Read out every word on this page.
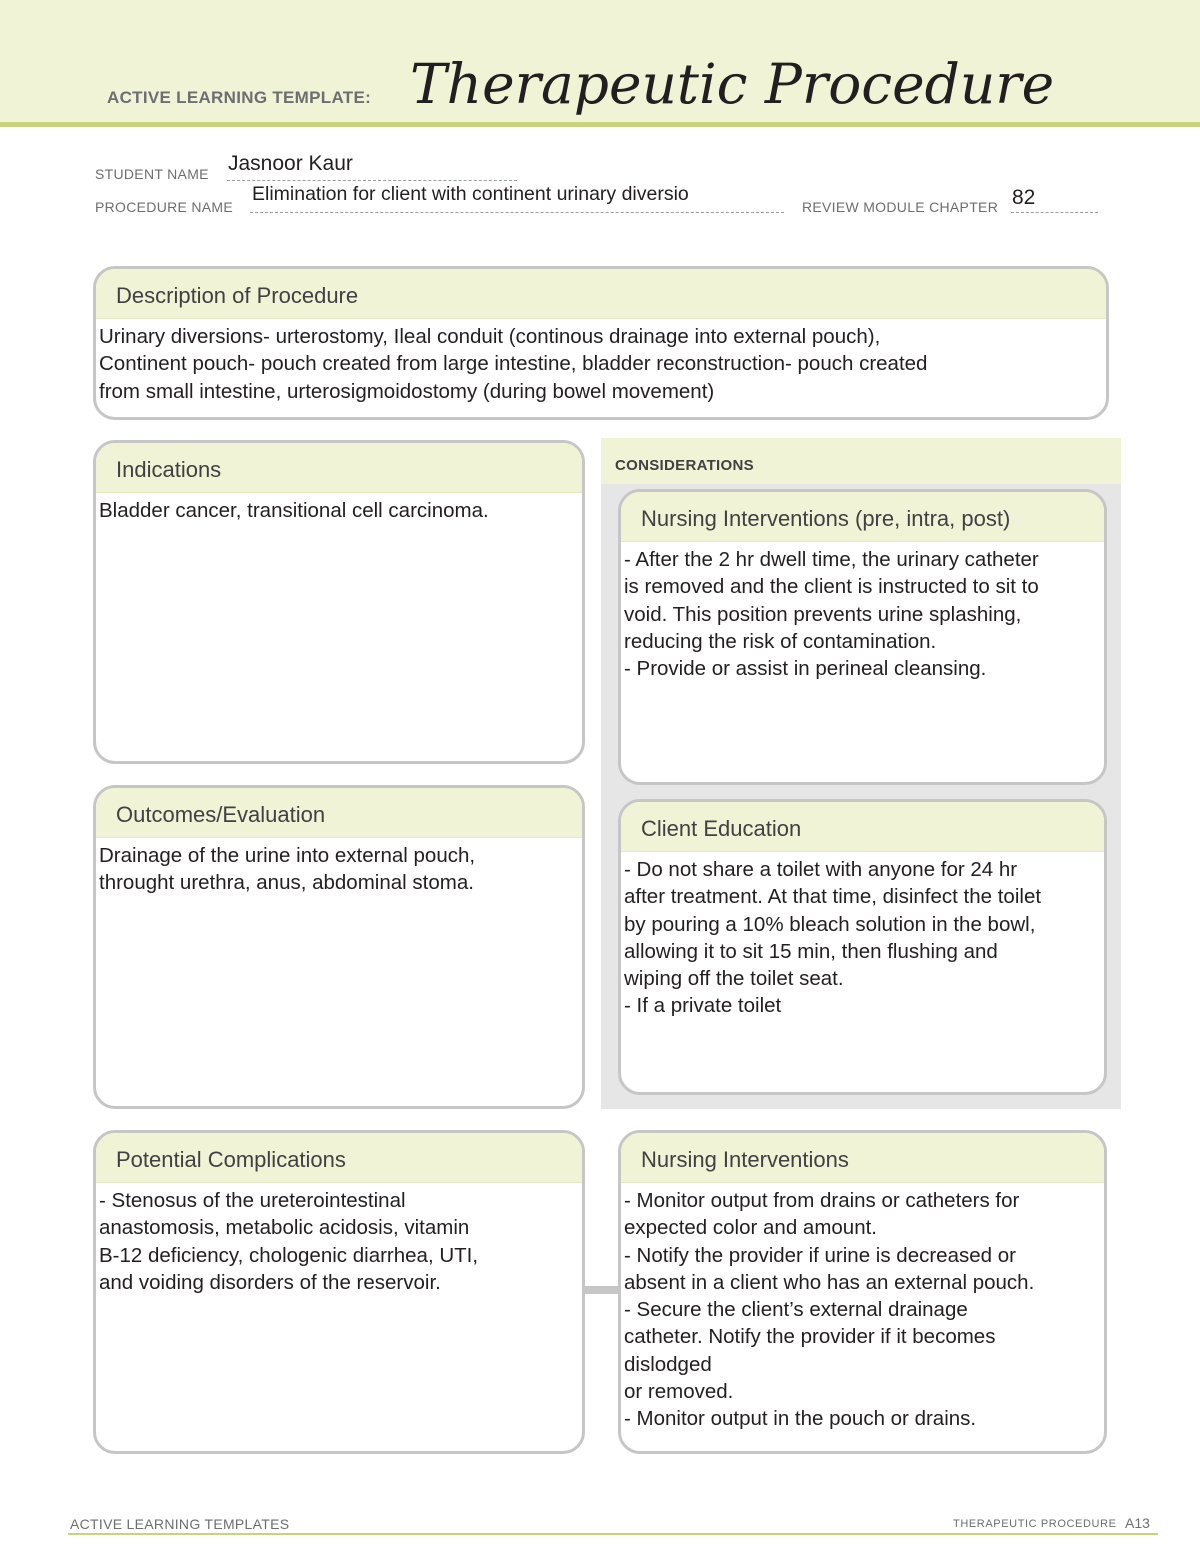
ACTIVE LEARNING TEMPLATE: Therapeutic Procedure
STUDENT NAME Jasnoor Kaur
PROCEDURE NAME
Elimination for client with continent urinary diversio
REVIEW MODULE CHAPTER 82
Description of Procedure
Urinary diversions- urterostomy, Ileal conduit (continous drainage into external pouch),
Continent pouch- pouch created from large intestine, bladder reconstruction- pouch created
from small intestine, urterosigmoidostomy (during bowel movement)
Indications
Bladder cancer, transitional cell carcinoma.
CONSIDERATIONS
Nursing Interventions (pre, intra, post)
- After the 2 hr dwell time, the urinary catheter
is removed and the client is instructed to sit to
void. This position prevents urine splashing,
reducing the risk of contamination.
- Provide or assist in perineal cleansing.
Outcomes/Evaluation
Drainage of the urine into external pouch,
throught urethra, anus, abdominal stoma.
Client Education
- Do not share a toilet with anyone for 24 hr
after treatment. At that time, disinfect the toilet
by pouring a 10% bleach solution in the bowl,
allowing it to sit 15 min, then flushing and
wiping off the toilet seat.
- If a private toilet
Potential Complications
- Stenosus of the ureterointestinal
anastomosis, metabolic acidosis, vitamin
B-12 deficiency, chologenic diarrhea, UTI,
and voiding disorders of the reservoir.
Nursing Interventions
- Monitor output from drains or catheters for
expected color and amount.
- Notify the provider if urine is decreased or
absent in a client who has an external pouch.
- Secure the client’s external drainage
catheter. Notify the provider if it becomes
dislodged
or removed.
- Monitor output in the pouch or drains.
ACTIVE LEARNING TEMPLATES	THERAPEUTIC PROCEDURE A13
